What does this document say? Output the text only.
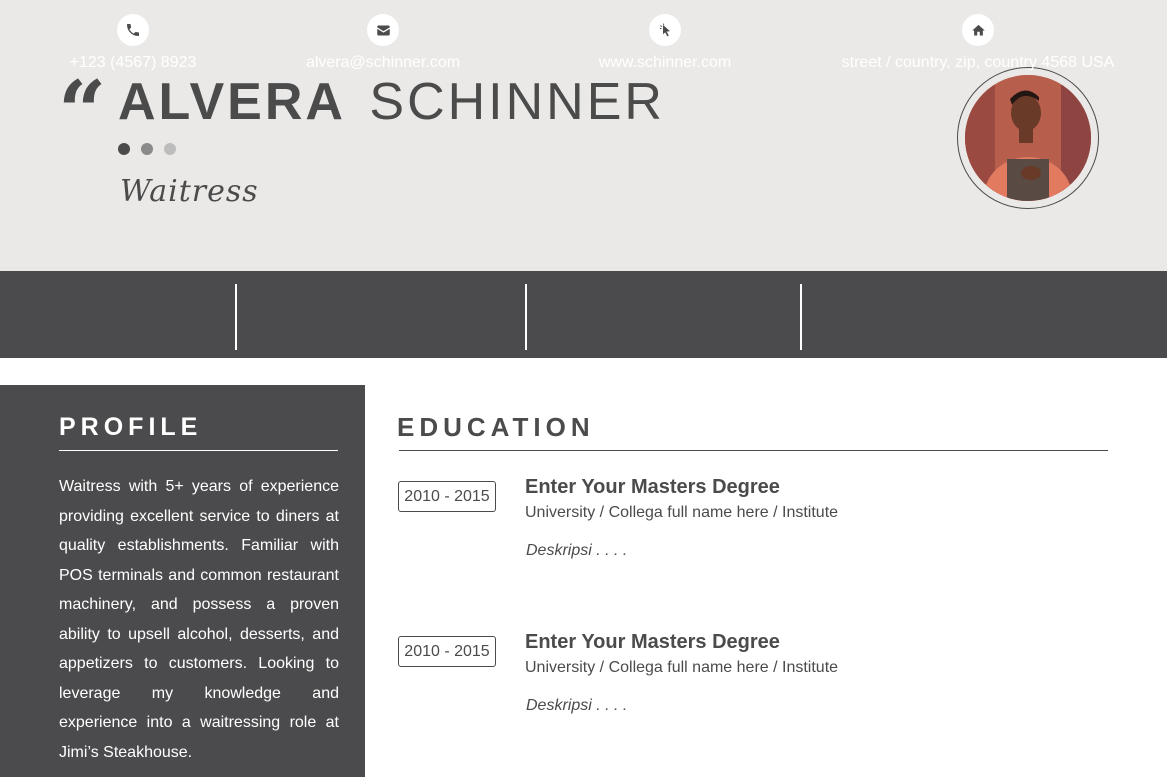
“ ALVERA SCHINNER
Waitress
+123 (4567) 8923	alvera@schinner.com	www.schinner.com	street / country, zip, country 4568 USA
PROFILE

Waitress with 5+ years of experience providing excellent service to diners at quality establishments. Familiar with POS terminals and common restaurant machinery, and possess a proven ability to upsell alcohol, desserts, and appetizers to customers. Looking to leverage my knowledge and experience into a waitressing role at Jimi’s Steakhouse.

EDUCATION
2010 - 2015	Enter Your Masters Degree
University / Collega full name here / Institute
Deskripsi . . . .
2010 - 2015	Enter Your Masters Degree
University / Collega full name here / Institute
Deskripsi . . . .
